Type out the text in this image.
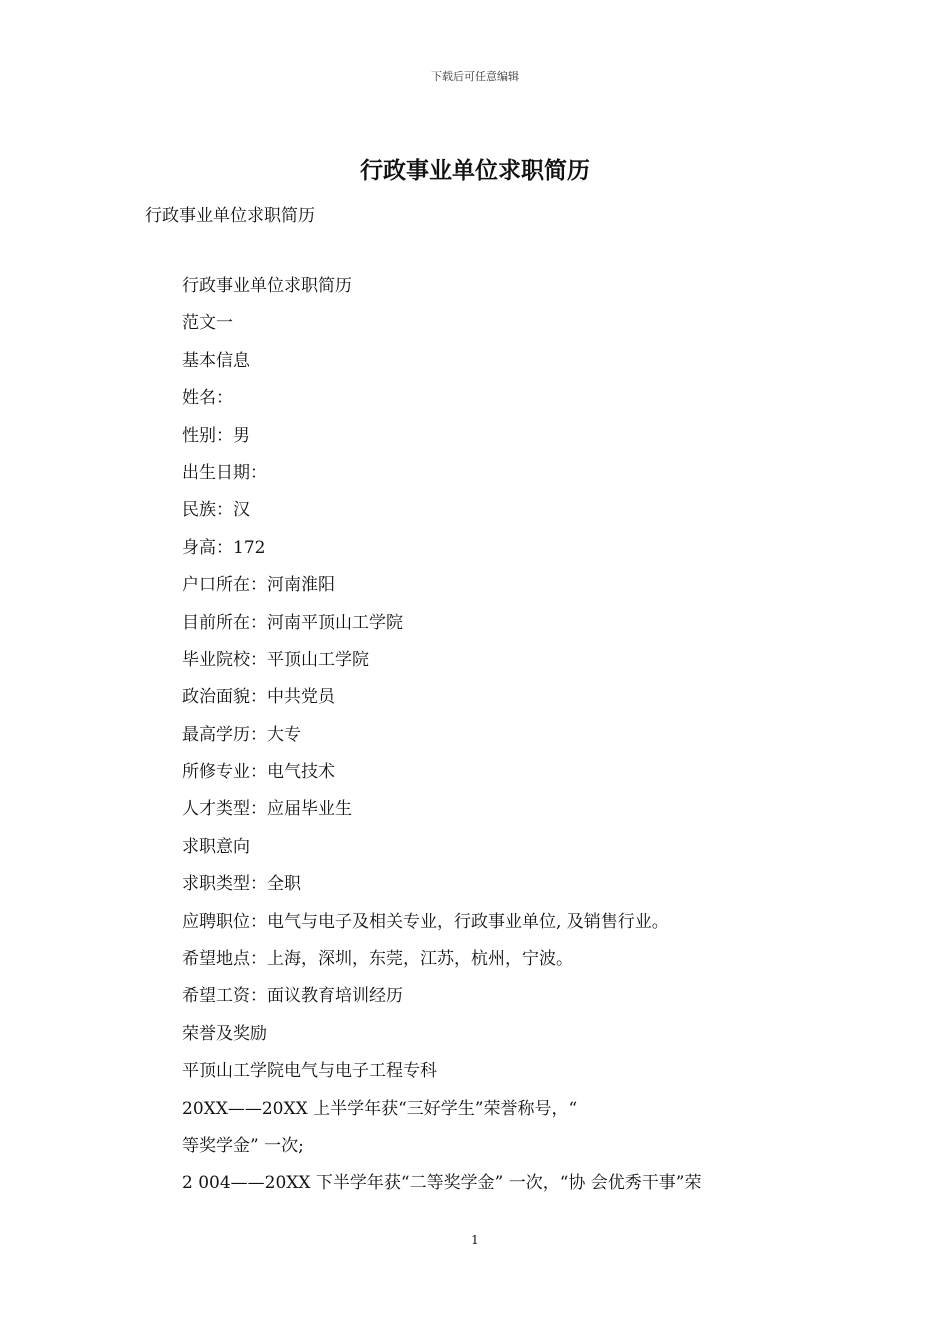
下载后可任意编辑
行政事业单位求职简历
行政事业单位求职简历
行政事业单位求职简历
范文一
基本信息
姓名：
性别：男
出生日期：
民族：汉
身高：172
户口所在：河南淮阳
目前所在：河南平顶山工学院
毕业院校：平顶山工学院
政治面貌：中共党员
最高学历：大专
所修专业：电气技术
人才类型：应届毕业生
求职意向
求职类型：全职
应聘职位：电气与电子及相关专业，行政事业单位, 及销售行业。
希望地点：上海，深圳，东莞，江苏，杭州，宁波。
希望工资：面议教育培训经历
荣誉及奖励
平顶山工学院电气与电子工程专科
20XX——20XX 上半学年获“三好学生”荣誉称号，“
等奖学金” 一次;
2 004——20XX 下半学年获“二等奖学金” 一次，“协 会优秀干事”荣
1
